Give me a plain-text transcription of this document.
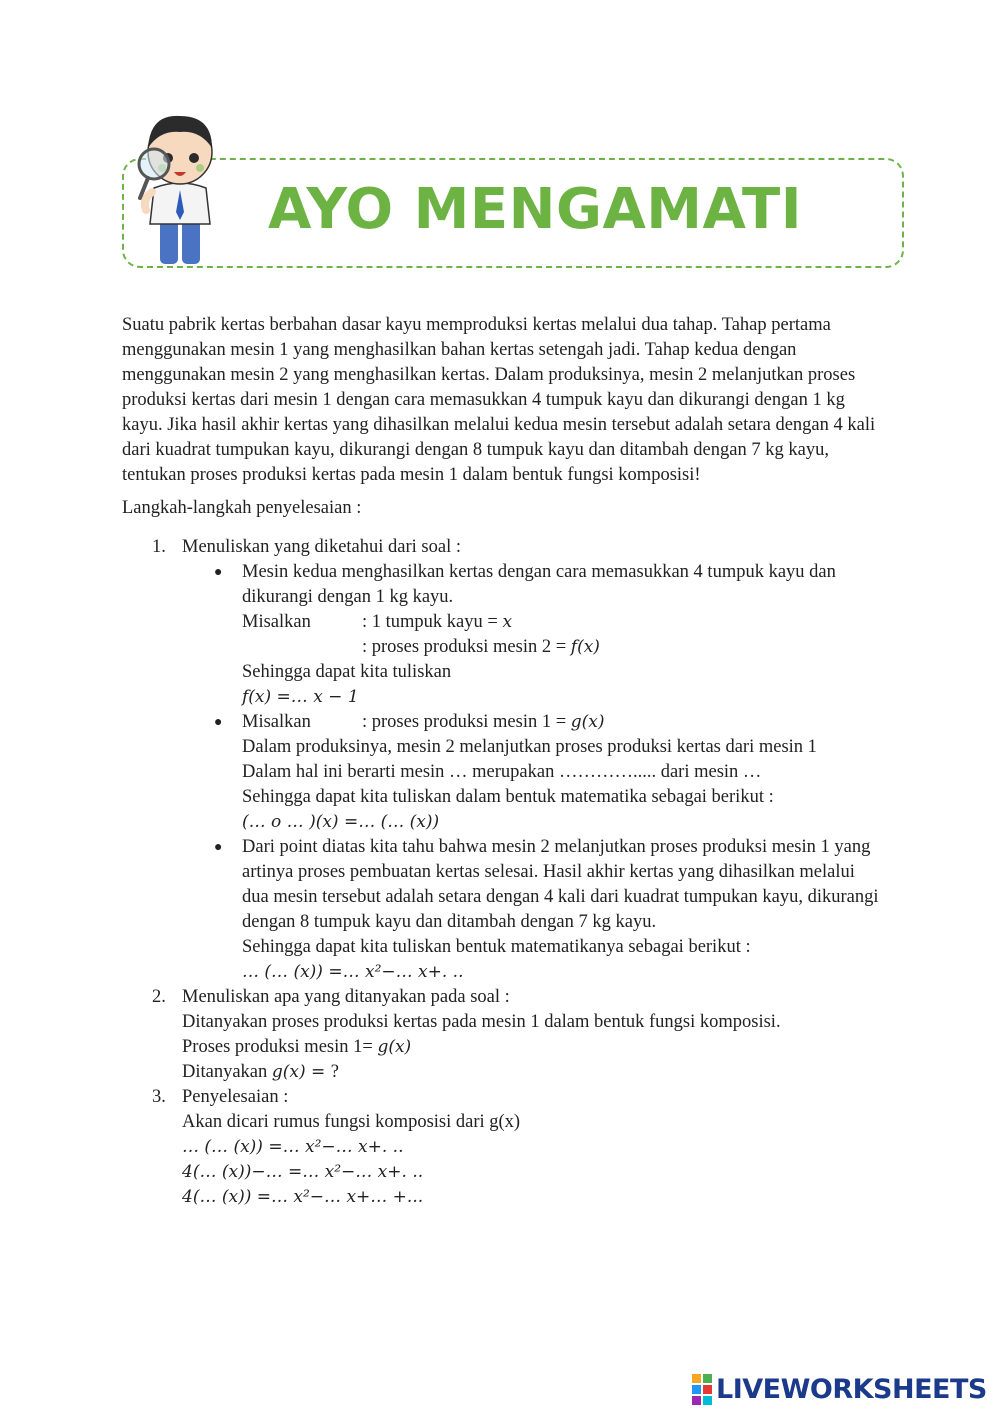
AYO MENGAMATI

Suatu pabrik kertas berbahan dasar kayu memproduksi kertas melalui dua tahap. Tahap pertama menggunakan mesin 1 yang menghasilkan bahan kertas setengah jadi. Tahap kedua dengan menggunakan mesin 2 yang menghasilkan kertas. Dalam produksinya, mesin 2 melanjutkan proses produksi kertas dari mesin 1 dengan cara memasukkan 4 tumpuk kayu dan dikurangi dengan 1 kg kayu. Jika hasil akhir kertas yang dihasilkan melalui kedua mesin tersebut adalah setara dengan 4 kali dari kuadrat tumpukan kayu, dikurangi dengan 8 tumpuk kayu dan ditambah dengan 7 kg kayu, tentukan proses produksi kertas pada mesin 1 dalam bentuk fungsi komposisi!

Langkah-langkah penyelesaian :

1. Menuliskan yang diketahui dari soal :
● Mesin kedua menghasilkan kertas dengan cara memasukkan 4 tumpuk kayu dan dikurangi dengan 1 kg kayu.
Misalkan	: 1 tumpuk kayu = x
: proses produksi mesin 2 = f(x)
Sehingga dapat kita tuliskan
f(x) =… x − 1
● Misalkan	: proses produksi mesin 1 = g(x)
Dalam produksinya, mesin 2 melanjutkan proses produksi kertas dari mesin 1
Dalam hal ini berarti mesin … merupakan …………..... dari mesin …
Sehingga dapat kita tuliskan dalam bentuk matematika sebagai berikut :
(… o … )(x) =… (… (x))
● Dari point diatas kita tahu bahwa mesin 2 melanjutkan proses produksi mesin 1 yang artinya proses pembuatan kertas selesai. Hasil akhir kertas yang dihasilkan melalui dua mesin tersebut adalah setara dengan 4 kali dari kuadrat tumpukan kayu, dikurangi dengan 8 tumpuk kayu dan ditambah dengan 7 kg kayu.
Sehingga dapat kita tuliskan bentuk matematikanya sebagai berikut :
… (… (x)) =… x²−… x+. ..
2. Menuliskan apa yang ditanyakan pada soal :
Ditanyakan proses produksi kertas pada mesin 1 dalam bentuk fungsi komposisi.
Proses produksi mesin 1= g(x)
Ditanyakan g(x) = ?
3. Penyelesaian :
Akan dicari rumus fungsi komposisi dari g(x)
… (… (x)) =… x²−… x+. ..
4(… (x))−… =… x²−… x+. ..
4(… (x)) =… x²−… x+… +...
LIVEWORKSHEETS
